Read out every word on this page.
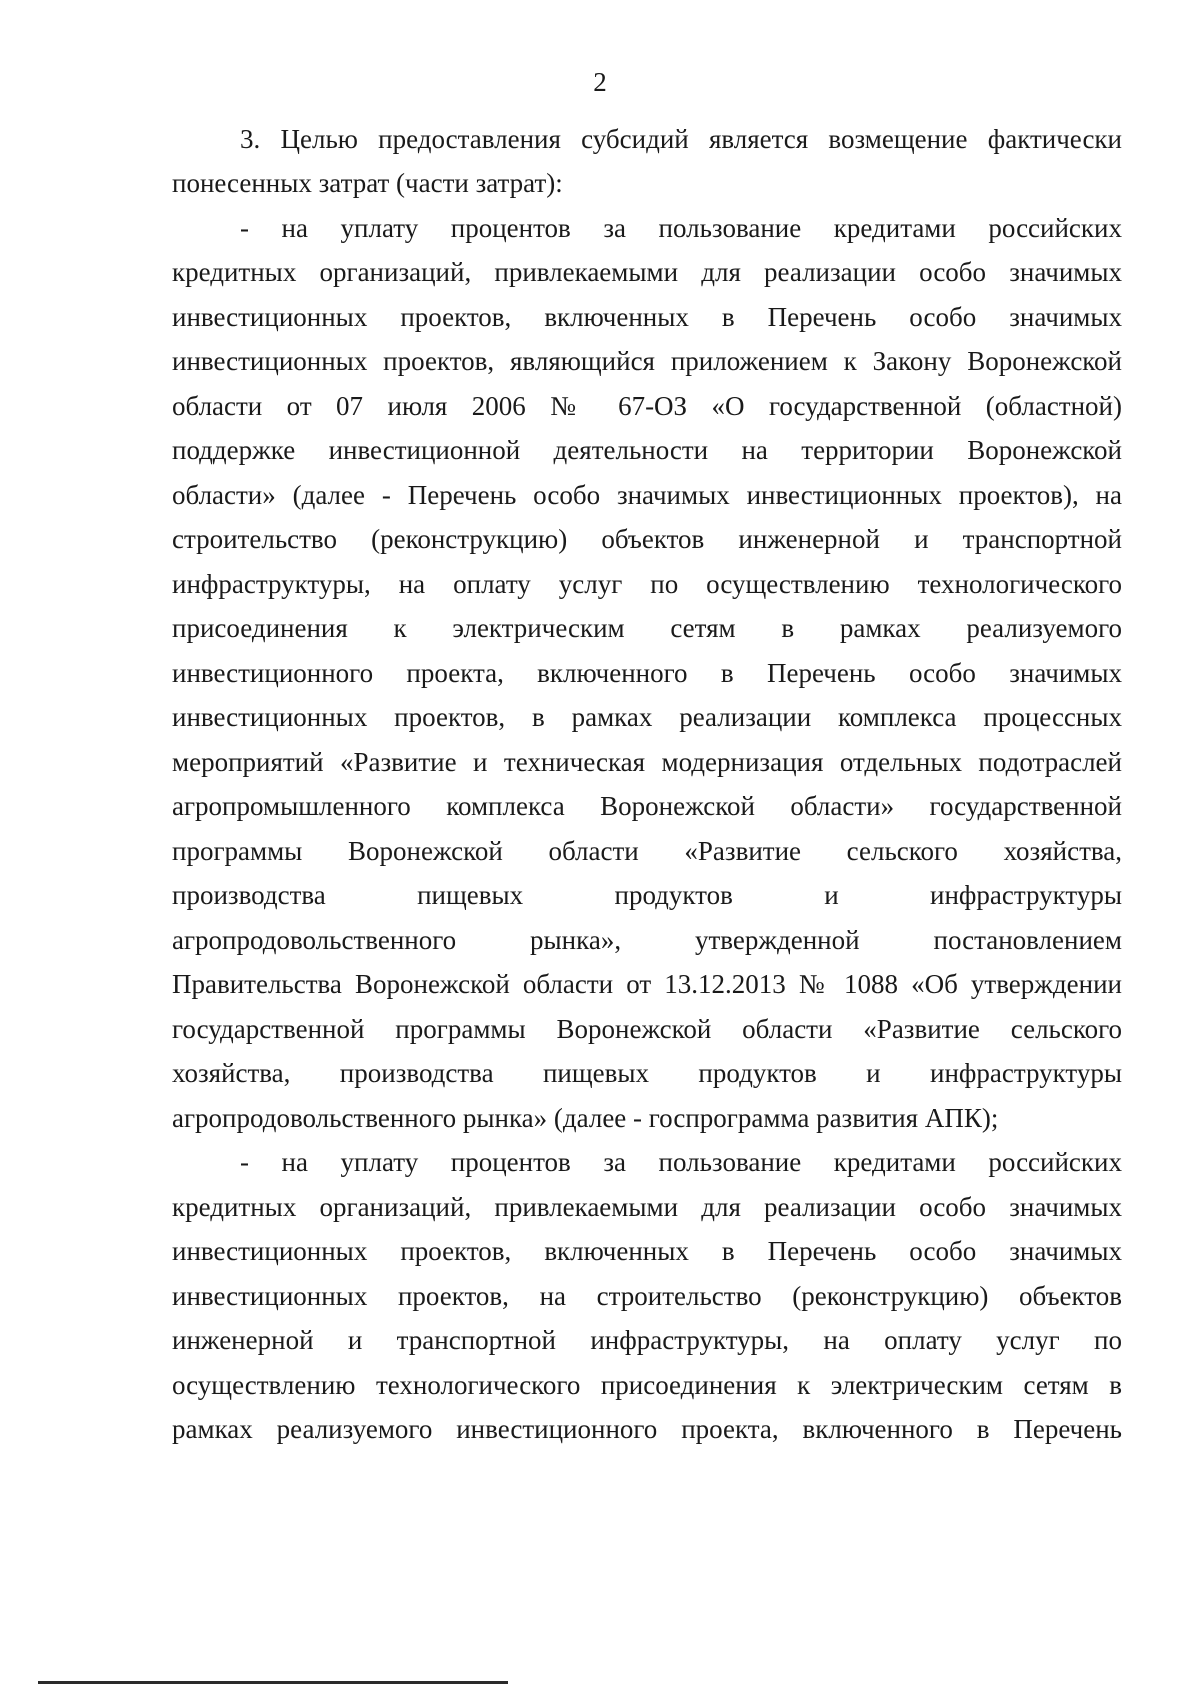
2
3. Целью предоставления субсидий является возмещение фактически
понесенных затрат (части затрат):
- на уплату процентов за пользование кредитами российских
кредитных организаций, привлекаемыми для реализации особо значимых
инвестиционных проектов, включенных в Перечень особо значимых
инвестиционных проектов, являющийся приложением к Закону Воронежской
области от 07 июля 2006 № 67-ОЗ «О государственной (областной)
поддержке инвестиционной деятельности на территории Воронежской
области» (далее - Перечень особо значимых инвестиционных проектов), на
строительство (реконструкцию) объектов инженерной и транспортной
инфраструктуры, на оплату услуг по осуществлению технологического
присоединения к электрическим сетям в рамках реализуемого
инвестиционного проекта, включенного в Перечень особо значимых
инвестиционных проектов, в рамках реализации комплекса процессных
мероприятий «Развитие и техническая модернизация отдельных подотраслей
агропромышленного комплекса Воронежской области» государственной
программы Воронежской области «Развитие сельского хозяйства,
производства пищевых продуктов и инфраструктуры
агропродовольственного рынка», утвержденной постановлением
Правительства Воронежской области от 13.12.2013 № 1088 «Об утверждении
государственной программы Воронежской области «Развитие сельского
хозяйства, производства пищевых продуктов и инфраструктуры
агропродовольственного рынка» (далее - госпрограмма развития АПК);
- на уплату процентов за пользование кредитами российских
кредитных организаций, привлекаемыми для реализации особо значимых
инвестиционных проектов, включенных в Перечень особо значимых
инвестиционных проектов, на строительство (реконструкцию) объектов
инженерной и транспортной инфраструктуры, на оплату услуг по
осуществлению технологического присоединения к электрическим сетям в
рамках реализуемого инвестиционного проекта, включенного в Перечень
